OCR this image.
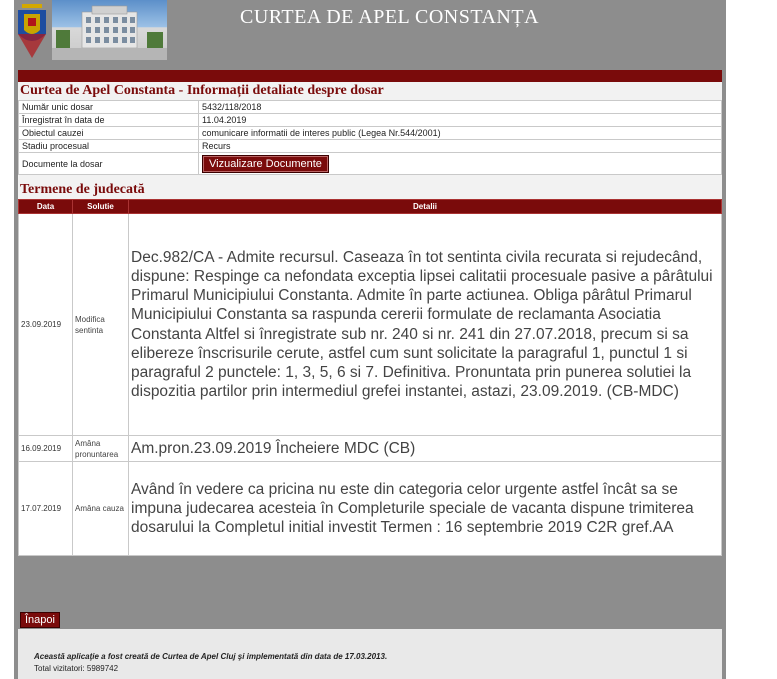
CURTEA DE APEL CONSTANȚA
Curtea de Apel Constanta - Informații detaliate despre dosar
Număr unic dosar	5432/118/2018
Înregistrat în data de	11.04.2019
Obiectul cauzei	comunicare informatii de interes public (Legea Nr.544/2001)
Stadiu procesual	Recurs
Documente la dosar	Vizualizare Documente
Termene de judecată
Data	Solutie	Detalii
23.09.2019	Modifica sentinta	Dec.982/CA - Admite recursul. Caseaza în tot sentinta civila recurata si rejudecând, dispune: Respinge ca nefondata exceptia lipsei calitatii procesuale pasive a pârâtului Primarul Municipiului Constanta. Admite în parte actiunea. Obliga pârâtul Primarul Municipiului Constanta sa raspunda cererii formulate de reclamanta Asociatia Constanta Altfel si înregistrate sub nr. 240 si nr. 241 din 27.07.2018, precum si sa elibereze înscrisurile cerute, astfel cum sunt solicitate la paragraful 1, punctul 1 si paragraful 2 punctele: 1, 3, 5, 6 si 7. Definitiva. Pronuntata prin punerea solutiei la dispozitia partilor prin intermediul grefei instantei, astazi, 23.09.2019. (CB-MDC)
16.09.2019	Amâna pronuntarea	Am.pron.23.09.2019 Încheiere MDC (CB)
17.07.2019	Amâna cauza	Având în vedere ca pricina nu este din categoria celor urgente astfel încât sa se impuna judecarea acesteia în Completurile speciale de vacanta dispune trimiterea dosarului la Completul initial investit Termen : 16 septembrie 2019 C2R gref.AA
Înapoi
Această aplicaţie a fost creată de Curtea de Apel Cluj şi implementată din data de 17.03.2013.
Total vizitatori: 5989742
